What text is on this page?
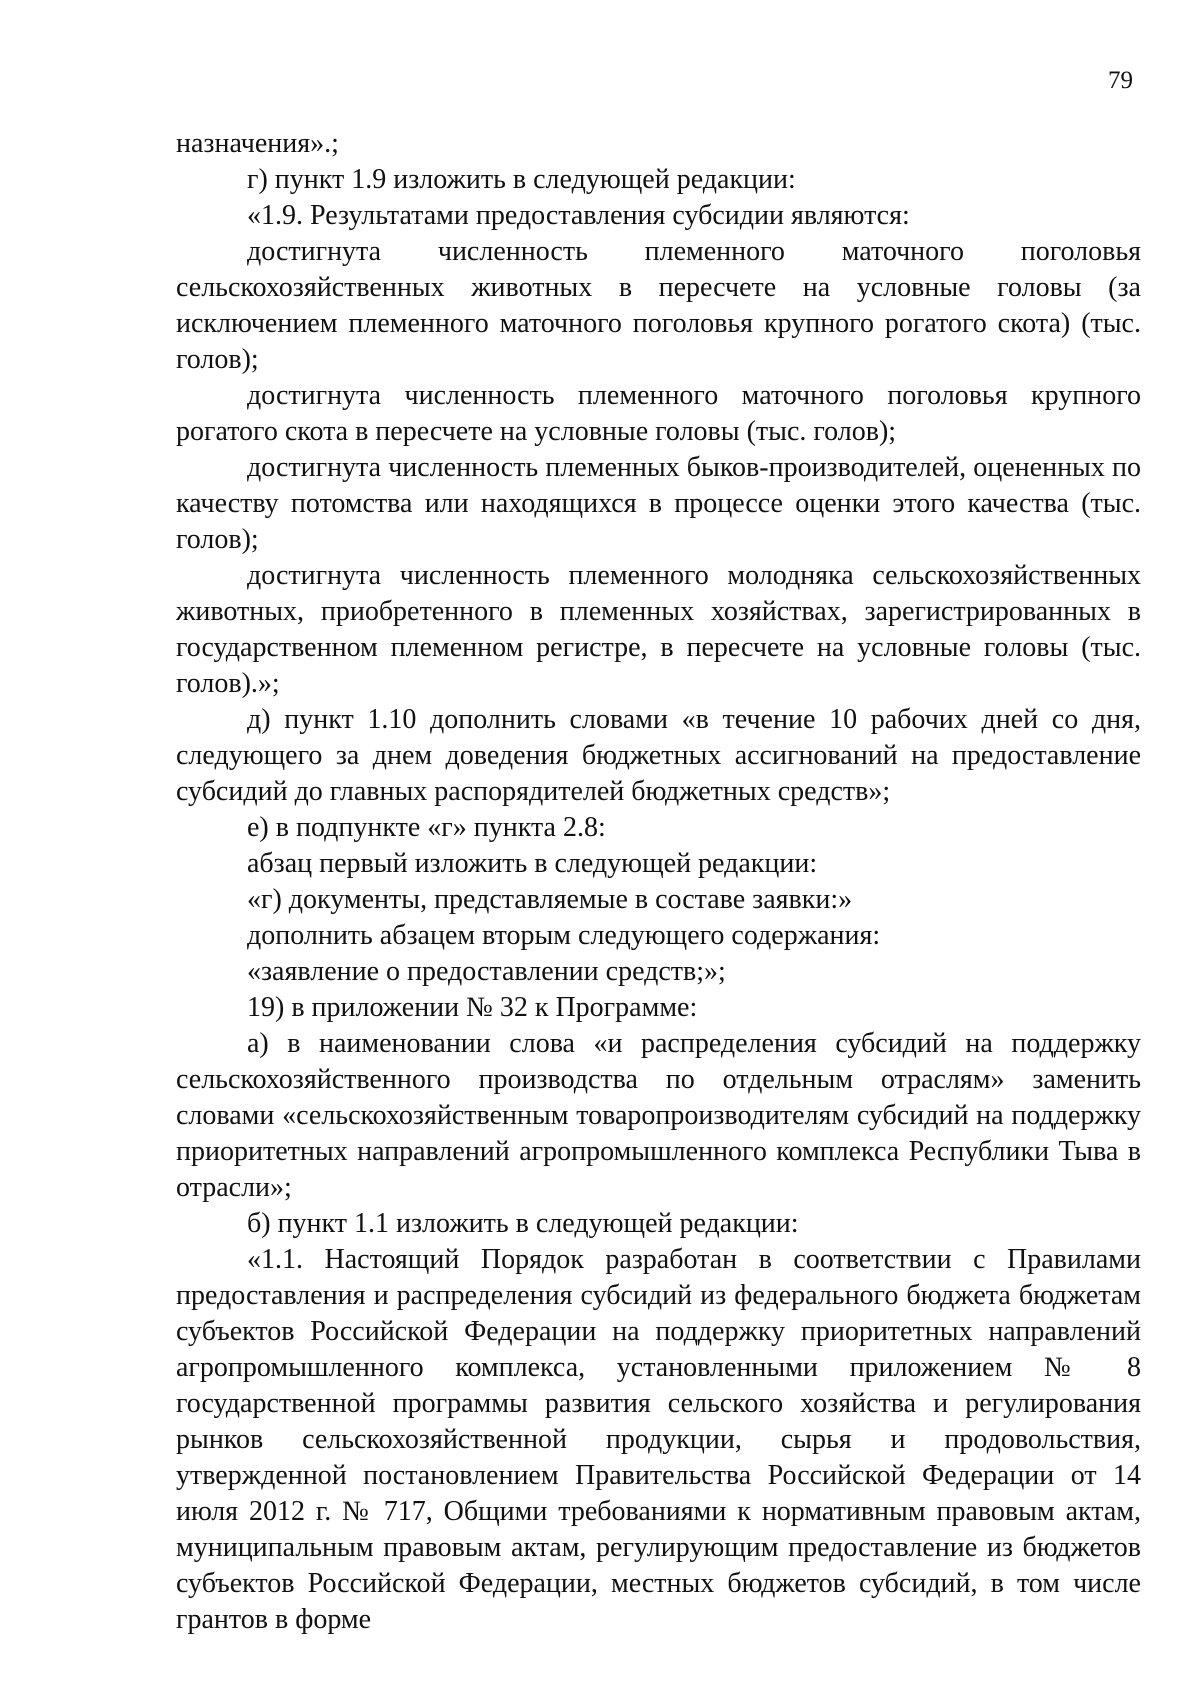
79

назначения».;

г) пункт 1.9 изложить в следующей редакции:

«1.9. Результатами предоставления субсидии являются:

достигнута численность племенного маточного поголовья сельскохозяйственных животных в пересчете на условные головы (за исключением племенного маточного поголовья крупного рогатого скота) (тыс. голов);

достигнута численность племенного маточного поголовья крупного рогатого скота в пересчете на условные головы (тыс. голов);

достигнута численность племенных быков-производителей, оцененных по качеству потомства или находящихся в процессе оценки этого качества (тыс. голов);

достигнута численность племенного молодняка сельскохозяйственных животных, приобретенного в племенных хозяйствах, зарегистрированных в государственном племенном регистре, в пересчете на условные головы (тыс. голов).»;

д) пункт 1.10 дополнить словами «в течение 10 рабочих дней со дня, следующего за днем доведения бюджетных ассигнований на предоставление субсидий до главных распорядителей бюджетных средств»;

е) в подпункте «г» пункта 2.8:

абзац первый изложить в следующей редакции:

«г) документы, представляемые в составе заявки:»

дополнить абзацем вторым следующего содержания:

«заявление о предоставлении средств;»;

19) в приложении № 32 к Программе:

а) в наименовании слова «и распределения субсидий на поддержку сельскохозяйственного производства по отдельным отраслям» заменить словами «сельскохозяйственным товаропроизводителям субсидий на поддержку приоритетных направлений агропромышленного комплекса Республики Тыва в отрасли»;

б) пункт 1.1 изложить в следующей редакции:

«1.1. Настоящий Порядок разработан в соответствии с Правилами предоставления и распределения субсидий из федерального бюджета бюджетам субъектов Российской Федерации на поддержку приоритетных направлений агропромышленного комплекса, установленными приложением № 8 государственной программы развития сельского хозяйства и регулирования рынков сельскохозяйственной продукции, сырья и продовольствия, утвержденной постановлением Правительства Российской Федерации от 14 июля 2012 г. № 717, Общими требованиями к нормативным правовым актам, муниципальным правовым актам, регулирующим предоставление из бюджетов субъектов Российской Федерации, местных бюджетов субсидий, в том числе грантов в форме
